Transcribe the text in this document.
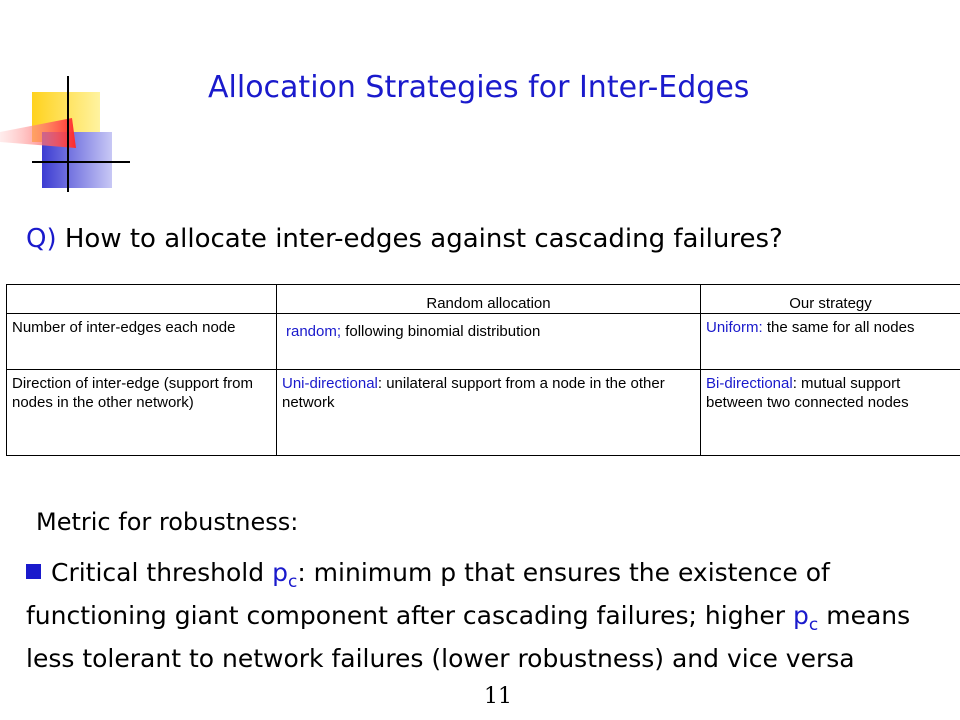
Allocation Strategies for Inter-Edges
Q) How to allocate inter-edges against cascading failures?
	Random allocation	Our strategy
Number of inter-edges each node	random; following binomial distribution	Uniform: the same for all nodes
Direction of inter-edge (support from nodes in the other network)	Uni-directional: unilateral support from a node in the other network	Bi-directional: mutual support between two connected nodes
Metric for robustness:
Critical threshold $p_c$: minimum p that ensures the existence of functioning giant component after cascading failures; higher $p_c$ means less tolerant to network failures (lower robustness) and vice versa
11
